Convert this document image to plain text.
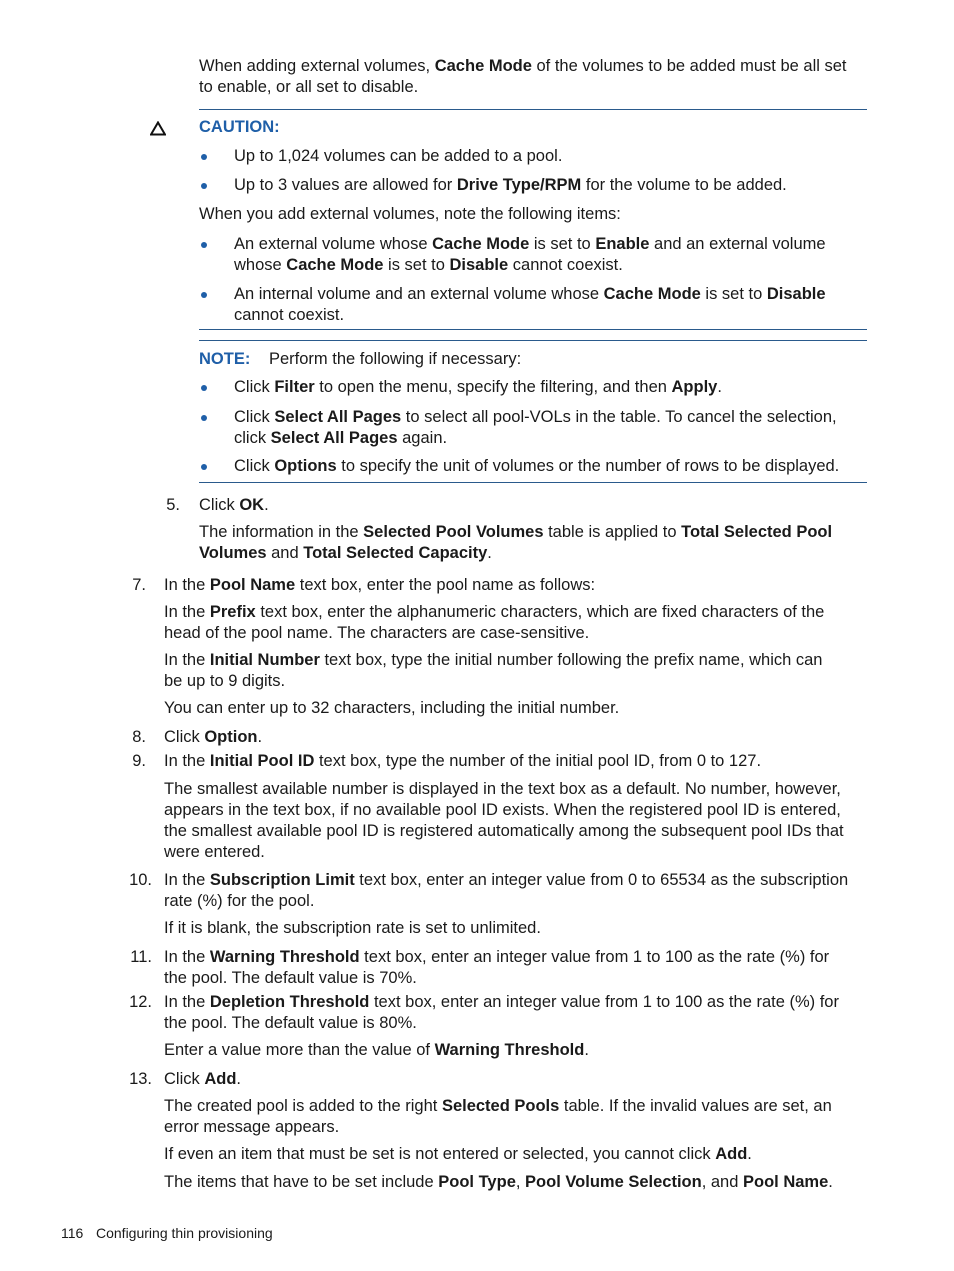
When adding external volumes, Cache Mode of the volumes to be added must be all set
to enable, or all set to disable.
CAUTION:
Up to 1,024 volumes can be added to a pool.
Up to 3 values are allowed for Drive Type/RPM for the volume to be added.
When you add external volumes, note the following items:
An external volume whose Cache Mode is set to Enable and an external volume
whose Cache Mode is set to Disable cannot coexist.
An internal volume and an external volume whose Cache Mode is set to Disable
cannot coexist.
NOTE: Perform the following if necessary:
Click Filter to open the menu, specify the filtering, and then Apply.
Click Select All Pages to select all pool-VOLs in the table. To cancel the selection,
click Select All Pages again.
Click Options to specify the unit of volumes or the number of rows to be displayed.
5. Click OK.
The information in the Selected Pool Volumes table is applied to Total Selected Pool
Volumes and Total Selected Capacity.
7. In the Pool Name text box, enter the pool name as follows:
In the Prefix text box, enter the alphanumeric characters, which are fixed characters of the
head of the pool name. The characters are case-sensitive.
In the Initial Number text box, type the initial number following the prefix name, which can
be up to 9 digits.
You can enter up to 32 characters, including the initial number.
8. Click Option.
9. In the Initial Pool ID text box, type the number of the initial pool ID, from 0 to 127.
The smallest available number is displayed in the text box as a default. No number, however,
appears in the text box, if no available pool ID exists. When the registered pool ID is entered,
the smallest available pool ID is registered automatically among the subsequent pool IDs that
were entered.
10. In the Subscription Limit text box, enter an integer value from 0 to 65534 as the subscription
rate (%) for the pool.
If it is blank, the subscription rate is set to unlimited.
11. In the Warning Threshold text box, enter an integer value from 1 to 100 as the rate (%) for
the pool. The default value is 70%.
12. In the Depletion Threshold text box, enter an integer value from 1 to 100 as the rate (%) for
the pool. The default value is 80%.
Enter a value more than the value of Warning Threshold.
13. Click Add.
The created pool is added to the right Selected Pools table. If the invalid values are set, an
error message appears.
If even an item that must be set is not entered or selected, you cannot click Add.
The items that have to be set include Pool Type, Pool Volume Selection, and Pool Name.
116 Configuring thin provisioning
